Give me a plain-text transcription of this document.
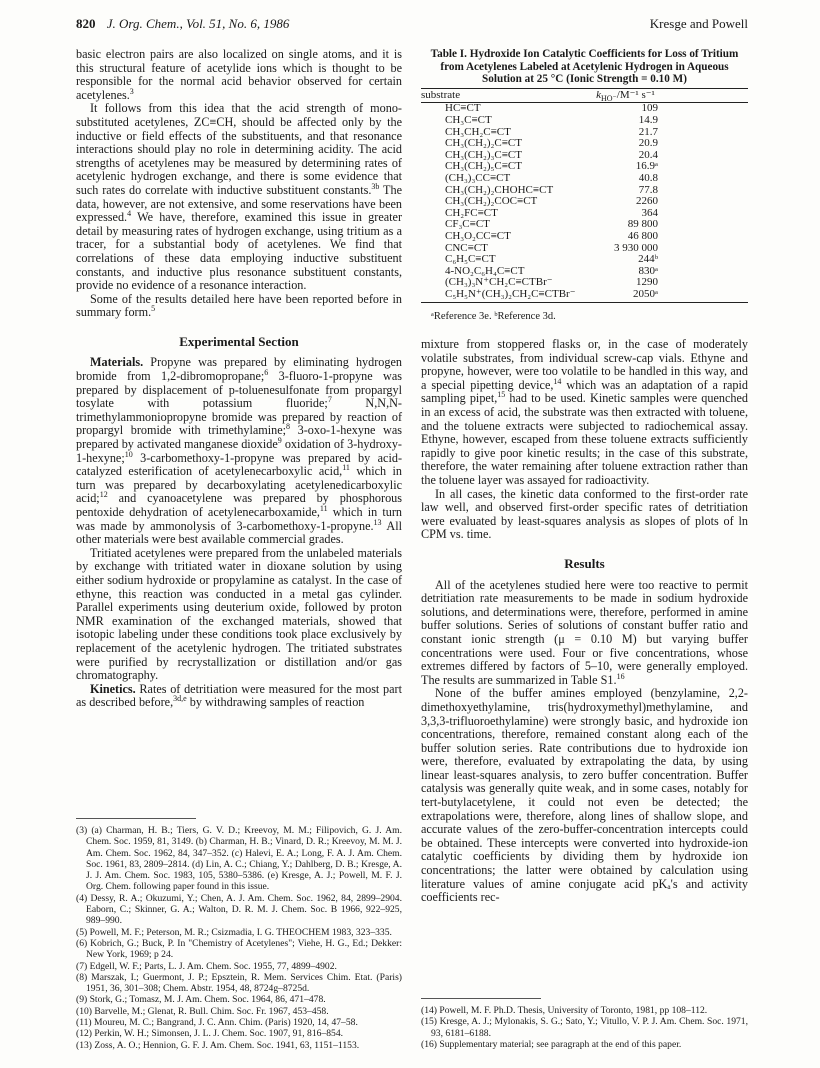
820 J. Org. Chem., Vol. 51, No. 6, 1986	Kresge and Powell

basic electron pairs are also localized on single atoms, and it is this structural feature of acetylide ions which is thought to be responsible for the normal acid behavior observed for certain acetylenes.$^3$

It follows from this idea that the acid strength of mono-substituted acetylenes, ZC≡CH, should be affected only by the inductive or field effects of the substituents, and that resonance interactions should play no role in determining acidity. The acid strengths of acetylenes may be measured by determining rates of acetylenic hydrogen exchange, and there is some evidence that such rates do correlate with inductive substituent constants.$^{3b}$ The data, however, are not extensive, and some reservations have been expressed.$^4$ We have, therefore, examined this issue in greater detail by measuring rates of hydrogen exchange, using tritium as a tracer, for a substantial body of acetylenes. We find that correlations of these data employing inductive substituent constants, and inductive plus resonance substituent constants, provide no evidence of a resonance interaction.

Some of the results detailed here have been reported before in summary form.$^5$

Experimental Section

Materials. Propyne was prepared by eliminating hydrogen bromide from 1,2-dibromopropane;$^6$ 3-fluoro-1-propyne was prepared by displacement of p-toluenesulfonate from propargyl tosylate with potassium fluoride;$^7$ N,N,N-trimethylammoniopropyne bromide was prepared by reaction of propargyl bromide with trimethylamine;$^8$ 3-oxo-1-hexyne was prepared by activated manganese dioxide$^9$ oxidation of 3-hydroxy-1-hexyne;$^{10}$ 3-carbomethoxy-1-propyne was prepared by acid-catalyzed esterification of acetylenecarboxylic acid,$^{11}$ which in turn was prepared by decarboxylating acetylenedicarboxylic acid;$^{12}$ and cyanoacetylene was prepared by phosphorous pentoxide dehydration of acetylenecarboxamide,$^{11}$ which in turn was made by ammonolysis of 3-carbomethoxy-1-propyne.$^{13}$ All other materials were best available commercial grades.

Tritiated acetylenes were prepared from the unlabeled materials by exchange with tritiated water in dioxane solution by using either sodium hydroxide or propylamine as catalyst. In the case of ethyne, this reaction was conducted in a metal gas cylinder. Parallel experiments using deuterium oxide, followed by proton NMR examination of the exchanged materials, showed that isotopic labeling under these conditions took place exclusively by replacement of the acetylenic hydrogen. The tritiated substrates were purified by recrystallization or distillation and/or gas chromatography.

Kinetics. Rates of detritiation were measured for the most part as described before,$^{3d,e}$ by withdrawing samples of reaction

(3) (a) Charman, H. B.; Tiers, G. V. D.; Kreevoy, M. M.; Filipovich, G. J. Am. Chem. Soc. 1959, 81, 3149. (b) Charman, H. B.; Vinard, D. R.; Kreevoy, M. M. J. Am. Chem. Soc. 1962, 84, 347–352. (c) Halevi, E. A.; Long, F. A. J. Am. Chem. Soc. 1961, 83, 2809–2814. (d) Lin, A. C.; Chiang, Y.; Dahlberg, D. B.; Kresge, A. J. J. Am. Chem. Soc. 1983, 105, 5380–5386. (e) Kresge, A. J.; Powell, M. F. J. Org. Chem. following paper found in this issue.
(4) Dessy, R. A.; Okuzumi, Y.; Chen, A. J. Am. Chem. Soc. 1962, 84, 2899–2904. Eaborn, C.; Skinner, G. A.; Walton, D. R. M. J. Chem. Soc. B 1966, 922–925, 989–990.
(5) Powell, M. F.; Peterson, M. R.; Csizmadia, I. G. THEOCHEM 1983, 323–335.
(6) Kobrich, G.; Buck, P. In "Chemistry of Acetylenes"; Viehe, H. G., Ed.; Dekker: New York, 1969; p 24.
(7) Edgell, W. F.; Parts, L. J. Am. Chem. Soc. 1955, 77, 4899–4902.
(8) Marszak, I.; Guermont, J. P.; Epsztein, R. Mem. Services Chim. Etat. (Paris) 1951, 36, 301–308; Chem. Abstr. 1954, 48, 8724g–8725d.
(9) Stork, G.; Tomasz, M. J. Am. Chem. Soc. 1964, 86, 471–478.
(10) Barvelle, M.; Glenat, R. Bull. Chim. Soc. Fr. 1967, 453–458.
(11) Moureu, M. C.; Bangrand, J. C. Ann. Chim. (Paris) 1920, 14, 47–58.
(12) Perkin, W. H.; Simonsen, J. L. J. Chem. Soc. 1907, 91, 816–854.
(13) Zoss, A. O.; Hennion, G. F. J. Am. Chem. Soc. 1941, 63, 1151–1153.
Table I. Hydroxide Ion Catalytic Coefficients for Loss of Tritium from Acetylenes Labeled at Acetylenic Hydrogen in Aqueous Solution at 25 °C (Ionic Strength = 0.10 M)
substrate	$k_{HO^-}/M^{-1}$ s⁻¹
HC≡CT	109
CH₃C≡CT	14.9
CH₃CH₂C≡CT	21.7
CH₃(CH₂)₂C≡CT	20.9
CH₃(CH₂)₃C≡CT	20.4
CH₃(CH₂)₅C≡CT	16.9ᵃ
(CH₃)₃CC≡CT	40.8
CH₃(CH₂)₂CHOHC≡CT	77.8
CH₃(CH₂)₂COC≡CT	2260
CH₂FC≡CT	364
CF₃C≡CT	89 800
CH₃O₂CC≡CT	46 800
CNC≡CT	3 930 000
C₆H₅C≡CT	244ᵇ
4-NO₂C₆H₄C≡CT	830ᵃ
(CH₃)₃N⁺CH₂C≡CTBr⁻	1290
C₅H₅N⁺(CH₃)₂CH₂C≡CTBr⁻	2050ᵃ
ᵃReference 3e. ᵇReference 3d.

mixture from stoppered flasks or, in the case of moderately volatile substrates, from individual screw-cap vials. Ethyne and propyne, however, were too volatile to be handled in this way, and a special pipetting device,$^{14}$ which was an adaptation of a rapid sampling pipet,$^{15}$ had to be used. Kinetic samples were quenched in an excess of acid, the substrate was then extracted with toluene, and the toluene extracts were subjected to radiochemical assay. Ethyne, however, escaped from these toluene extracts sufficiently rapidly to give poor kinetic results; in the case of this substrate, therefore, the water remaining after toluene extraction rather than the toluene layer was assayed for radioactivity.

In all cases, the kinetic data conformed to the first-order rate law well, and observed first-order specific rates of detritiation were evaluated by least-squares analysis as slopes of plots of ln CPM vs. time.

Results

All of the acetylenes studied here were too reactive to permit detritiation rate measurements to be made in sodium hydroxide solutions, and determinations were, therefore, performed in amine buffer solutions. Series of solutions of constant buffer ratio and constant ionic strength (μ = 0.10 M) but varying buffer concentrations were used. Four or five concentrations, whose extremes differed by factors of 5–10, were generally employed. The results are summarized in Table S1.16

None of the buffer amines employed (benzylamine, 2,2-dimethoxyethylamine, tris(hydroxymethyl)methylamine, and 3,3,3-trifluoroethylamine) were strongly basic, and hydroxide ion concentrations, therefore, remained constant along each of the buffer solution series. Rate contributions due to hydroxide ion were, therefore, evaluated by extrapolating the data, by using linear least-squares analysis, to zero buffer concentration. Buffer catalysis was generally quite weak, and in some cases, notably for tert-butylacetylene, it could not even be detected; the extrapolations were, therefore, along lines of shallow slope, and accurate values of the zero-buffer-concentration intercepts could be obtained. These intercepts were converted into hydroxide-ion catalytic coefficients by dividing them by hydroxide ion concentrations; the latter were obtained by calculation using literature values of amine conjugate acid pKₐ's and activity coefficients rec-

(14) Powell, M. F. Ph.D. Thesis, University of Toronto, 1981, pp 108–112.
(15) Kresge, A. J.; Mylonakis, S. G.; Sato, Y.; Vitullo, V. P. J. Am. Chem. Soc. 1971, 93, 6181–6188.
(16) Supplementary material; see paragraph at the end of this paper.
